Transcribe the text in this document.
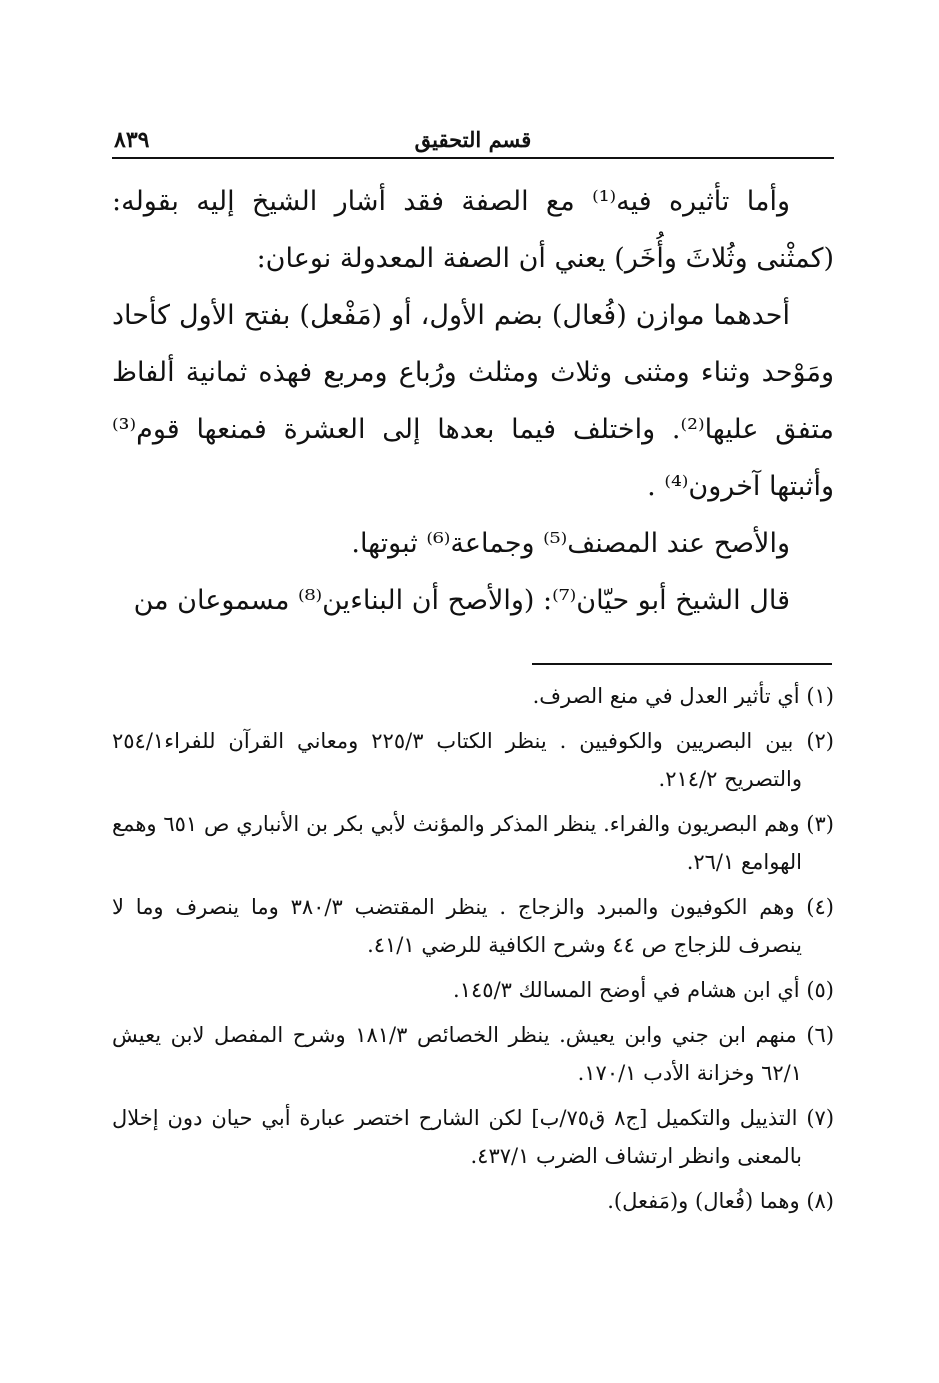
٨٣٩	قسم التحقيق

وأما تأثيره فيه⁽¹⁾ مع الصفة فقد أشار الشيخ إليه بقوله: (كمثْنى وثُلاثَ وأُخَر) يعني أن الصفة المعدولة نوعان:

أحدهما موازن (فُعال) بضم الأول، أو (مَفْعل) بفتح الأول كأحاد ومَوْحد وثناء ومثنى وثلاث ومثلث ورُباع ومربع فهذه ثمانية ألفاظ متفق عليها⁽²⁾. واختلف فيما بعدها إلى العشرة فمنعها قوم⁽³⁾ وأثبتها آخرون⁽⁴⁾ .

والأصح عند المصنف⁽⁵⁾ وجماعة⁽⁶⁾ ثبوتها.

قال الشيخ أبو حيّان⁽⁷⁾: (والأصح أن البناءين⁽⁸⁾ مسموعان من

(١) أي تأثير العدل في منع الصرف.

(٢) بين البصريين والكوفيين . ينظر الكتاب ٢٢٥/٣ ومعاني القرآن للفراء٢٥٤/١ والتصريح ٢١٤/٢.

(٣) وهم البصريون والفراء. ينظر المذكر والمؤنث لأبي بكر بن الأنباري ص ٦٥١ وهمع الهوامع ٢٦/١.

(٤) وهم الكوفيون والمبرد والزجاج . ينظر المقتضب ٣٨٠/٣ وما ينصرف وما لا ينصرف للزجاج ص ٤٤ وشرح الكافية للرضي ٤١/١.

(٥) أي ابن هشام في أوضح المسالك ١٤٥/٣.

(٦) منهم ابن جني وابن يعيش. ينظر الخصائص ١٨١/٣ وشرح المفصل لابن يعيش ٦٢/١ وخزانة الأدب ١٧٠/١.

(٧) التذييل والتكميل [ج٨ ق٧٥/ب] لكن الشارح اختصر عبارة أبي حيان دون إخلال بالمعنى وانظر ارتشاف الضرب ٤٣٧/١.

(٨) وهما (فُعال) و(مَفعل).
